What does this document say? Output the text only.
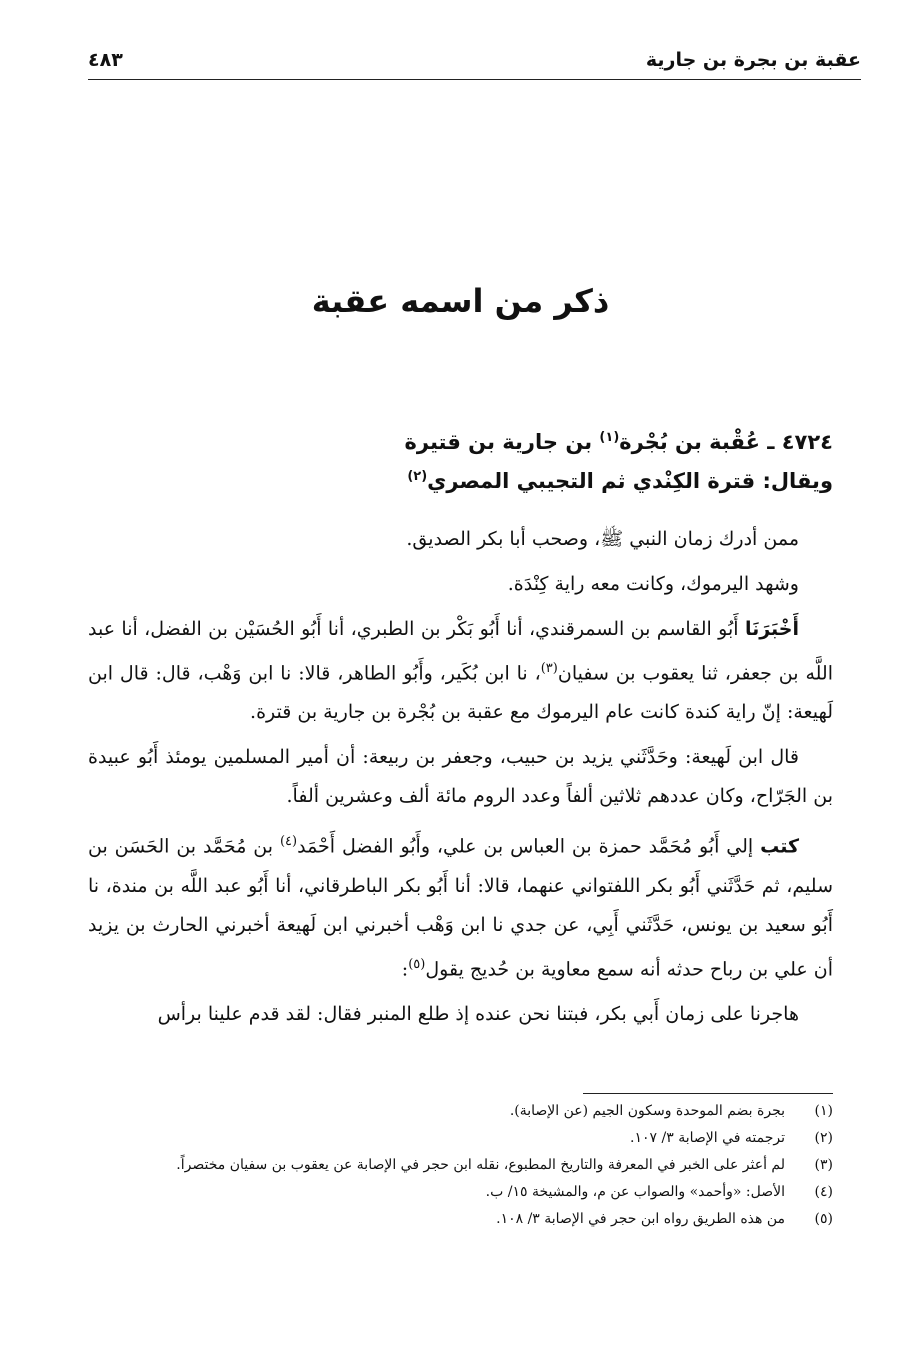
عقبة بن بجرة بن جارية
٤٨٣
ذكر من اسمه عقبة
٤٧٢٤ ـ عُقْبة بن بُجْرة$^{(١)}$ بن جارية بن قتيرة
ويقال: قترة الكِنْدي ثم التجيبي المصري$^{(٢)}$

ممن أدرك زمان النبي ﷺ، وصحب أبا بكر الصديق.

وشهد اليرموك، وكانت معه راية كِنْدَة.

أَخْبَرَنَا أَبُو القاسم بن السمرقندي، أنا أَبُو بَكْر بن الطبري، أنا أَبُو الحُسَيْن بن الفضل، أنا عبد اللَّه بن جعفر، ثنا يعقوب بن سفيان$^{(٣)}$، نا ابن بُكَير، وأَبُو الطاهر، قالا: نا ابن وَهْب، قال: قال ابن لَهيعة: إنّ راية كندة كانت عام اليرموك مع عقبة بن بُجْرة بن جارية بن قترة.

قال ابن لَهيعة: وحَدَّثَني يزيد بن حبيب، وجعفر بن ربيعة: أن أمير المسلمين يومئذ أَبُو عبيدة بن الجَرّاح، وكان عددهم ثلاثين ألفاً وعدد الروم مائة ألف وعشرين ألفاً.

كتب إلي أَبُو مُحَمَّد حمزة بن العباس بن علي، وأَبُو الفضل أَحْمَد$^{(٤)}$ بن مُحَمَّد بن الحَسَن بن سليم، ثم حَدَّثَني أَبُو بكر اللفتواني عنهما، قالا: أنا أَبُو بكر الباطرقاني، أنا أَبُو عبد اللَّه بن مندة، نا أَبُو سعيد بن يونس، حَدَّثَني أَبِي، عن جدي نا ابن وَهْب أخبرني ابن لَهيعة أخبرني الحارث بن يزيد أن علي بن رباح حدثه أنه سمع معاوية بن حُديج يقول$^{(٥)}$:

هاجرنا على زمان أَبي بكر، فبتنا نحن عنده إذ طلع المنبر فقال: لقد قدم علينا برأس

(١)
بجرة بضم الموحدة وسكون الجيم (عن الإصابة).
(٢)
ترجمته في الإصابة ٣/ ١٠٧.
(٣)
لم أعثر على الخبر في المعرفة والتاريخ المطبوع، نقله ابن حجر في الإصابة عن يعقوب بن سفيان مختصراً.
(٤)
الأصل: «وأحمد» والصواب عن م، والمشيخة ١٥/ ب.
(٥)
من هذه الطريق رواه ابن حجر في الإصابة ٣/ ١٠٨.
